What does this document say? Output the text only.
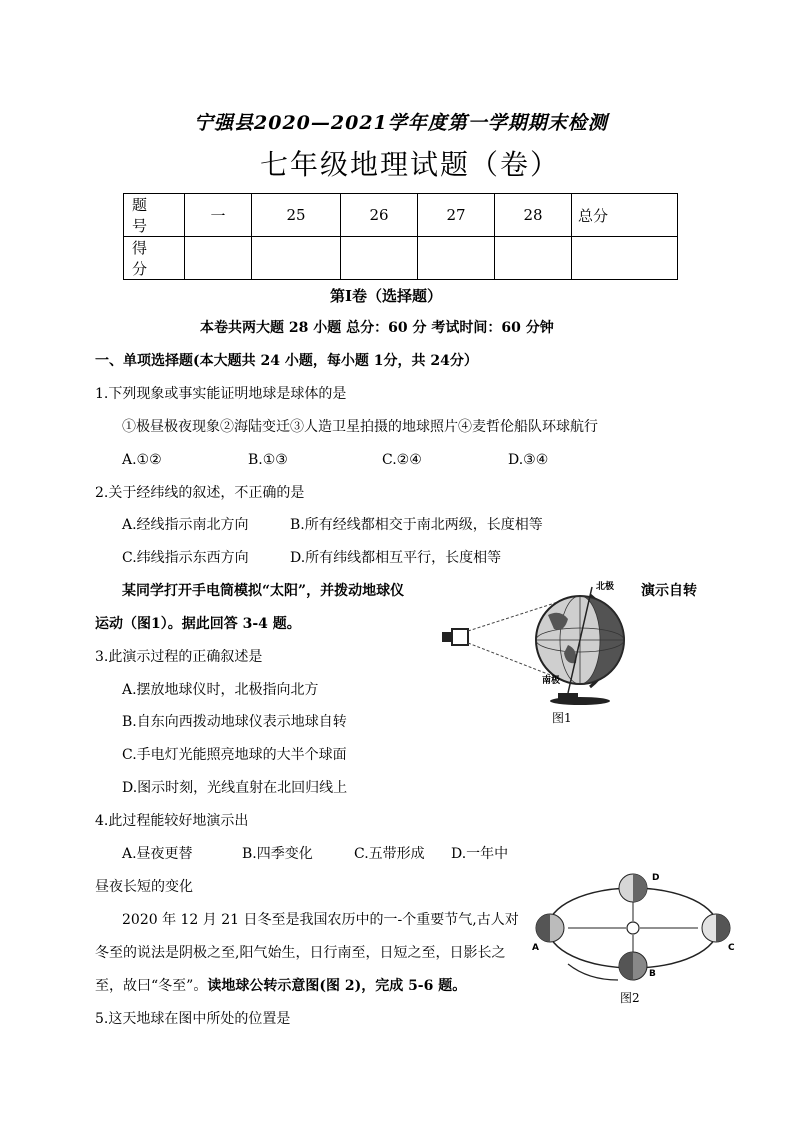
宁强县2020—2021学年度第一学期期末检测
七年级地理试题（卷）
题 号	一	25	26	27	28	总分
得 分						
第Ⅰ卷（选择题）
本卷共两大题 28 小题 总分：60 分 考试时间：60 分钟
一、单项选择题(本大题共 24 小题，每小题 1分，共 24分）
1.下列现象或事实能证明地球是球体的是
①极昼极夜现象②海陆变迁③人造卫星拍摄的地球照片④麦哲伦船队环球航行
A.①②	B.①③	C.②④	D.③④
2.关于经纬线的叙述，不正确的是
A.经线指示南北方向	B.所有经线都相交于南北两级，长度相等
C.纬线指示东西方向	D.所有纬线都相互平行，长度相等
某同学打开手电筒模拟“太阳”，并拨动地球仪	演示自转
运动（图1）。据此回答 3-4 题。
3.此演示过程的正确叙述是
A.摆放地球仪时，北极指向北方
B.自东向西拨动地球仪表示地球自转
C.手电灯光能照亮地球的大半个球面
D.图示时刻，光线直射在北回归线上
4.此过程能较好地演示出
A.昼夜更替	B.四季变化	C.五带形成 D.一年中
昼夜长短的变化
2020 年 12 月 21 日冬至是我国农历中的一-个重要节气,古人对
冬至的说法是阴极之至,阳气始生，日行南至，日短之至，日影长之
至，故曰“冬至”。读地球公转示意图(图 2)，完成 5-6 题。
5.这天地球在图中所处的位置是
北极
南极
图1
A
B
C
D
图2
